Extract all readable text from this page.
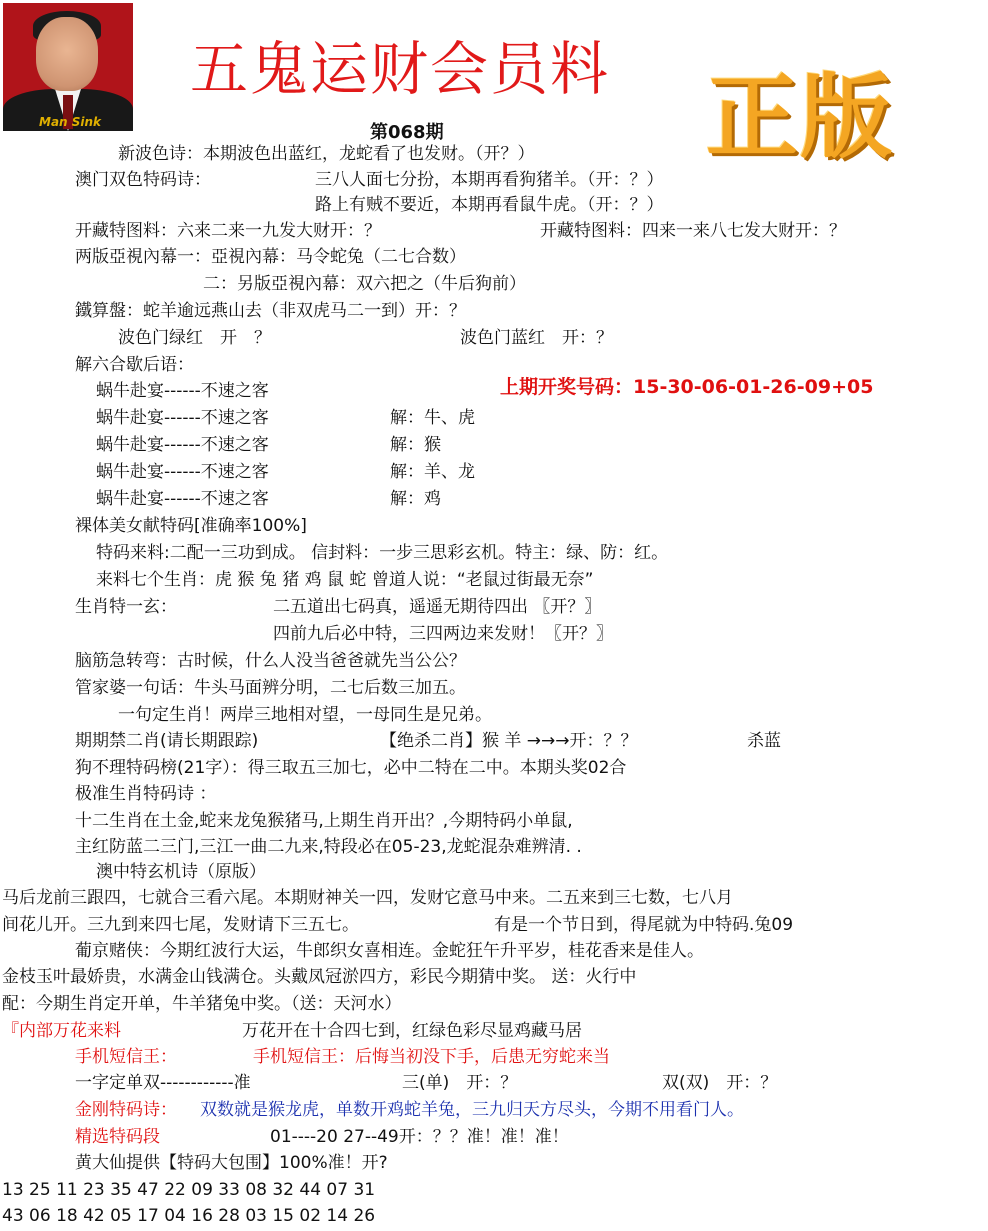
Man Sink
五鬼运财会员料 正版
第068期
新波色诗：本期波色出蓝红，龙蛇看了也发财。（开？）
澳门双色特码诗：	三八人面七分扮，本期再看狗猪羊。（开：？）
路上有贼不要近，本期再看鼠牛虎。（开：？）
开藏特图料：六来二来一九发大财开：？	开藏特图料：四来一来八七发大财开：？
两版亞視內幕一：亞視內幕：马令蛇兔（二七合数）
二：另版亞視內幕：双六把之（牛后狗前）
鐵算盤：蛇羊逾远燕山去（非双虎马二一到）开：？
波色门绿红　开　？	波色门蓝红　开：？
解六合歇后语：
上期开奖号码：15-30-06-01-26-09+05
蜗牛赴宴------不速之客
蜗牛赴宴------不速之客	解：牛、虎
蜗牛赴宴------不速之客	解：猴
蜗牛赴宴------不速之客	解：羊、龙
蜗牛赴宴------不速之客	解：鸡
裸体美女献特码[准确率100%]
特码来料:二配一三功到成。 信封料：一步三思彩玄机。特主：绿、防：红。
来料七个生肖：虎 猴 兔 猪 鸡 鼠 蛇 曾道人说：“老鼠过街最无奈”
生肖特一玄：	二五道出七码真，遥遥无期待四出 〖开？〗
四前九后必中特，三四两边来发财！〖开？〗
脑筋急转弯：古时候，什么人没当爸爸就先当公公？
管家婆一句话：牛头马面辨分明，二七后数三加五。
一句定生肖！两岸三地相对望，一母同生是兄弟。
期期禁二肖(请长期跟踪)	【绝杀二肖】猴 羊 →→→开：？？	杀蓝
狗不理特码榜(21字）：得三取五三加七，必中二特在二中。本期头奖02合
极准生肖特码诗 ：
十二生肖在土金,蛇来龙兔猴猪马,上期生肖开出？,今期特码小单鼠,
主红防蓝二三门,三江一曲二九来,特段必在05-23,龙蛇混杂难辨清. .
澳中特玄机诗（原版）
马后龙前三跟四，七就合三看六尾。本期财神关一四，发财它意马中来。二五来到三七数，七八月
间花儿开。三九到来四七尾，发财请下三五七。	有是一个节日到，得尾就为中特码.兔09
葡京赌侠：今期红波行大运，牛郎织女喜相连。金蛇狂午升平岁，桂花香来是佳人。
金枝玉叶最娇贵，水满金山钱满仓。头戴凤冠淤四方，彩民今期猜中奖。 送：火行中
配：今期生肖定开单，牛羊猪兔中奖。（送：天河水）
『内部万花来料	万花开在十合四七到，红绿色彩尽显鸡藏马居
手机短信王：	手机短信王：后悔当初没下手，后患无穷蛇来当
一字定单双------------准	三(单)　开：？	双(双)　开：？
金刚特码诗： 双数就是猴龙虎，单数开鸡蛇羊兔，三九归天方尽头，今期不用看门人。
精选特码段	01----20 27--49开：？？准！准！准！
黄大仙提供【特码大包围】100%准！开?
13 25 11 23 35 47 22 09 33 08 32 44 07 31
43 06 18 42 05 17 04 16 28 03 15 02 14 26
